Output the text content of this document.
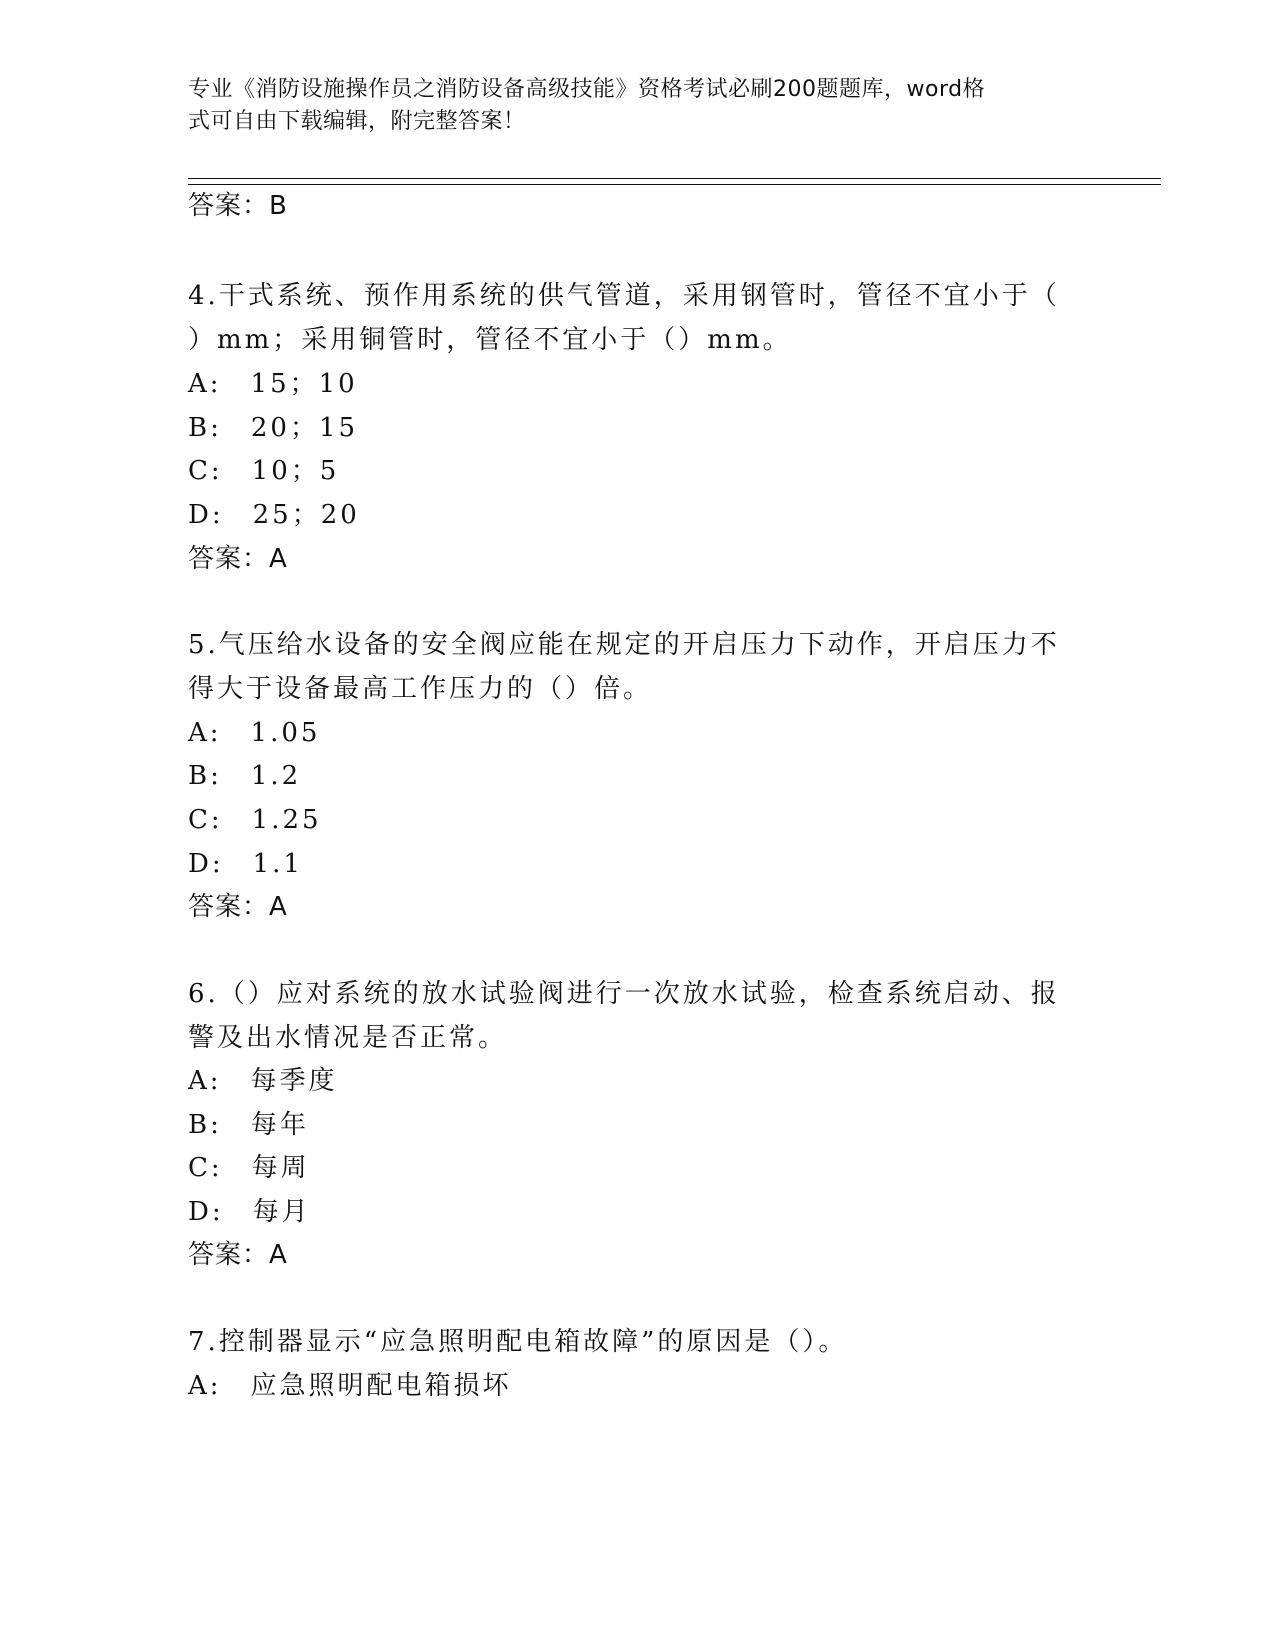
专业《消防设施操作员之消防设备高级技能》资格考试必刷200题题库，word格
式可自由下载编辑，附完整答案！
答案：B
4.干式系统、预作用系统的供气管道，采用钢管时，管径不宜小于（
）mm；采用铜管时，管径不宜小于（）mm。
A:　15；10
B:　20；15
C:　10；5
D:　25；20
答案：A
5.气压给水设备的安全阀应能在规定的开启压力下动作，开启压力不
得大于设备最高工作压力的（）倍。
A:　1.05
B:　1.2
C:　1.25
D:　1.1
答案：A
6.（）应对系统的放水试验阀进行一次放水试验，检查系统启动、报
警及出水情况是否正常。
A:　每季度
B:　每年
C:　每周
D:　每月
答案：A
7.控制器显示“应急照明配电箱故障”的原因是（）。
A:　应急照明配电箱损坏
